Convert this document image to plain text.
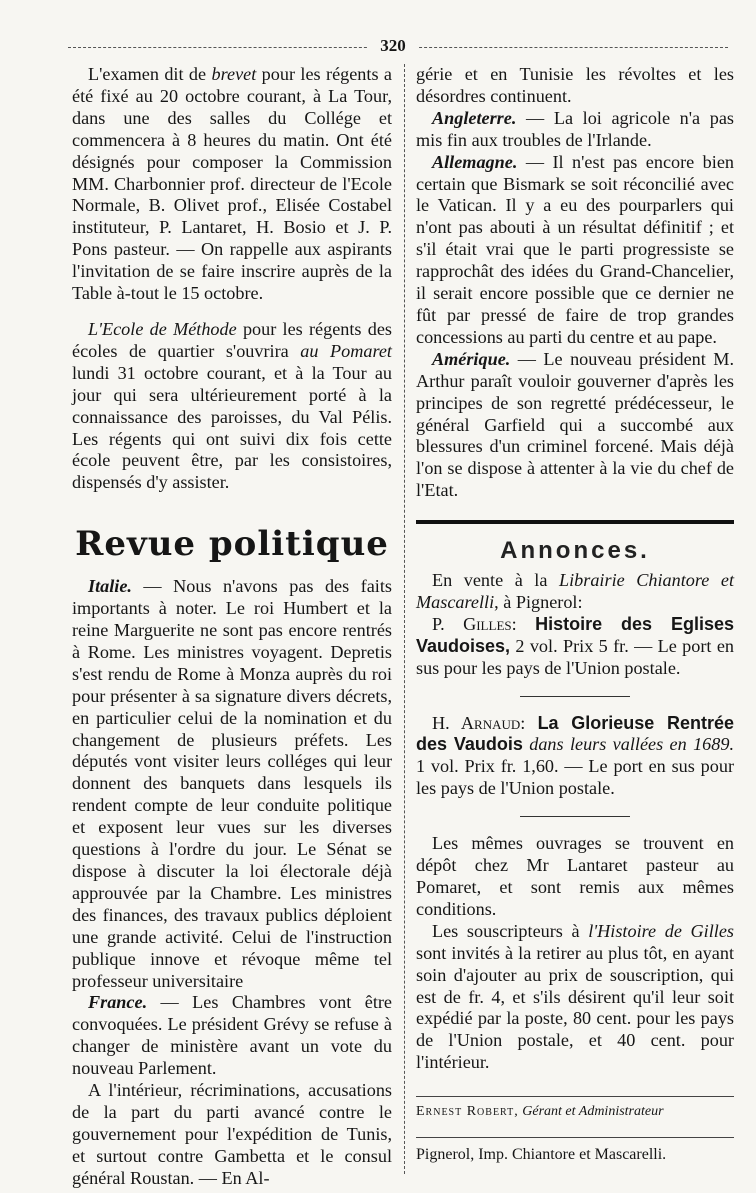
320

L'examen dit de brevet pour les régents a été fixé au 20 octobre courant, à La Tour, dans une des salles du Collége et commencera à 8 heures du matin. Ont été désignés pour composer la Commission MM. Charbonnier prof. directeur de l'Ecole Normale, B. Olivet prof., Elisée Costabel instituteur, P. Lantaret, H. Bosio et J. P. Pons pasteur. — On rappelle aux aspirants l'invitation de se faire inscrire auprès de la Table à-tout le 15 octobre.

L'Ecole de Méthode pour les régents des écoles de quartier s'ouvrira au Pomaret lundi 31 octobre courant, et à la Tour au jour qui sera ultérieurement porté à la connaissance des paroisses, du Val Pélis. Les régents qui ont suivi dix fois cette école peuvent être, par les consistoires, dispensés d'y assister.

Revue politique

Italie. — Nous n'avons pas des faits importants à noter. Le roi Humbert et la reine Marguerite ne sont pas encore rentrés à Rome. Les ministres voyagent. Depretis s'est rendu de Rome à Monza auprès du roi pour présenter à sa signature divers décrets, en particulier celui de la nomination et du changement de plusieurs préfets. Les députés vont visiter leurs colléges qui leur donnent des banquets dans lesquels ils rendent compte de leur conduite politique et exposent leur vues sur les diverses questions à l'ordre du jour. Le Sénat se dispose à discuter la loi électorale déjà approuvée par la Chambre. Les ministres des finances, des travaux publics déploient une grande activité. Celui de l'instruction publique innove et révoque même tel professeur universitaire

France. — Les Chambres vont être convoquées. Le président Grévy se refuse à changer de ministère avant un vote du nouveau Parlement.

A l'intérieur, récriminations, accusations de la part du parti avancé contre le gouvernement pour l'expédition de Tunis, et surtout contre Gambetta et le consul général Roustan. — En Al-

gérie et en Tunisie les révoltes et les désordres continuent.

Angleterre. — La loi agricole n'a pas mis fin aux troubles de l'Irlande.

Allemagne. — Il n'est pas encore bien certain que Bismark se soit réconcilié avec le Vatican. Il y a eu des pourparlers qui n'ont pas abouti à un résultat définitif ; et s'il était vrai que le parti progressiste se rapprochât des idées du Grand-Chancelier, il serait encore possible que ce dernier ne fût par pressé de faire de trop grandes concessions au parti du centre et au pape.

Amérique. — Le nouveau président M. Arthur paraît vouloir gouverner d'après les principes de son regretté prédécesseur, le général Garfield qui a succombé aux blessures d'un criminel forcené. Mais déjà l'on se dispose à attenter à la vie du chef de l'Etat.

Annonces.

En vente à la Librairie Chiantore et Mascarelli, à Pignerol:

P. Gilles: Histoire des Eglises Vaudoises, 2 vol. Prix 5 fr. — Le port en sus pour les pays de l'Union postale.

H. Arnaud: La Glorieuse Rentrée des Vaudois dans leurs vallées en 1689. 1 vol. Prix fr. 1,60. — Le port en sus pour les pays de l'Union postale.

Les mêmes ouvrages se trouvent en dépôt chez Mr Lantaret pasteur au Pomaret, et sont remis aux mêmes conditions.

Les souscripteurs à l'Histoire de Gilles sont invités à la retirer au plus tôt, en ayant soin d'ajouter au prix de souscription, qui est de fr. 4, et s'ils désirent qu'il leur soit expédié par la poste, 80 cent. pour les pays de l'Union postale, et 40 cent. pour l'intérieur.

Ernest Robert, Gérant et Administrateur
Pignerol, Imp. Chiantore et Mascarelli.
